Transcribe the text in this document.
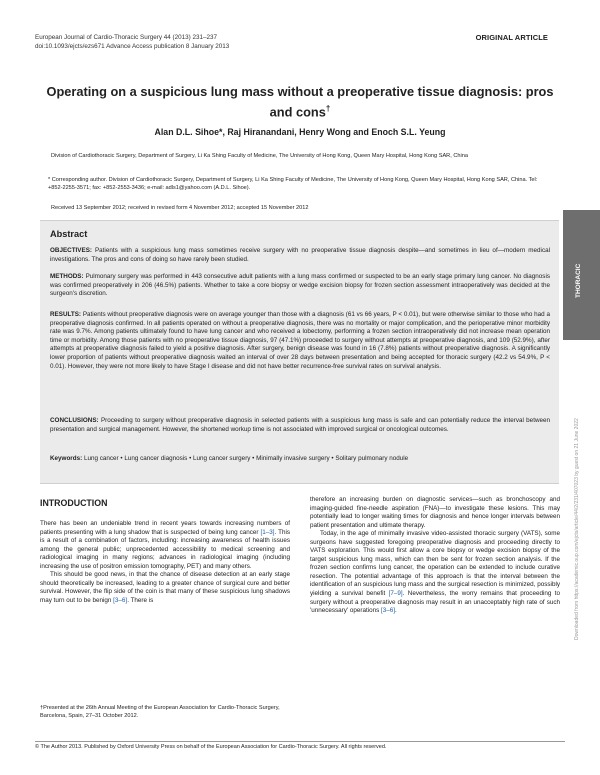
European Journal of Cardio-Thoracic Surgery 44 (2013) 231–237
doi:10.1093/ejcts/ezs671 Advance Access publication 8 January 2013
ORIGINAL ARTICLE
Operating on a suspicious lung mass without a preoperative tissue diagnosis: pros and cons†
Alan D.L. Sihoe*, Raj Hiranandani, Henry Wong and Enoch S.L. Yeung
Division of Cardiothoracic Surgery, Department of Surgery, Li Ka Shing Faculty of Medicine, The University of Hong Kong, Queen Mary Hospital, Hong Kong SAR, China
* Corresponding author. Division of Cardiothoracic Surgery, Department of Surgery, Li Ka Shing Faculty of Medicine, The University of Hong Kong, Queen Mary Hospital, Hong Kong SAR, China. Tel: +852-2255-3571; fax: +852-2553-3436; e-mail: adls1@yahoo.com (A.D.L. Sihoe).
Received 13 September 2012; received in revised form 4 November 2012; accepted 15 November 2012
Abstract
OBJECTIVES: Patients with a suspicious lung mass sometimes receive surgery with no preoperative tissue diagnosis despite—and sometimes in lieu of—modern medical investigations. The pros and cons of doing so have rarely been studied.
METHODS: Pulmonary surgery was performed in 443 consecutive adult patients with a lung mass confirmed or suspected to be an early stage primary lung cancer. No diagnosis was confirmed preoperatively in 206 (46.5%) patients. Whether to take a core biopsy or wedge excision biopsy for frozen section assessment intraoperatively was decided at the surgeon's discretion.
RESULTS: Patients without preoperative diagnosis were on average younger than those with a diagnosis (61 vs 66 years, P < 0.01), but were otherwise similar to those who had a preoperative diagnosis confirmed. In all patients operated on without a preoperative diagnosis, there was no mortality or major complication, and the perioperative minor morbidity rate was 9.7%. Among patients ultimately found to have lung cancer and who received a lobectomy, performing a frozen section intraoperatively did not increase mean operation time or morbidity. Among those patients with no preoperative tissue diagnosis, 97 (47.1%) proceeded to surgery without attempts at preoperative diagnosis, and 109 (52.9%), after attempts at preoperative diagnosis failed to yield a positive diagnosis. After surgery, benign disease was found in 16 (7.8%) patients without preoperative diagnosis. A significantly lower proportion of patients without preoperative diagnosis waited an interval of over 28 days between presentation and being accepted for thoracic surgery (42.2 vs 54.9%, P < 0.01). However, they were not more likely to have Stage I disease and did not have better recurrence-free survival rates on survival analysis.
CONCLUSIONS: Proceeding to surgery without preoperative diagnosis in selected patients with a suspicious lung mass is safe and can potentially reduce the interval between presentation and surgical management. However, the shortened workup time is not associated with improved surgical or oncological outcomes.
Keywords: Lung cancer • Lung cancer diagnosis • Lung cancer surgery • Minimally invasive surgery • Solitary pulmonary nodule
THORACIC
Downloaded from https://academic.oup.com/ejcts/article/44/2/231/407023 by guest on 21 June 2022
INTRODUCTION

There has been an undeniable trend in recent years towards increasing numbers of patients presenting with a lung shadow that is suspected of being lung cancer [1–3]. This is a result of a combination of factors, including: increasing awareness of health issues among the general public; unprecedented accessibility to medical screening and radiological imaging in many regions; advances in radiological imaging (including increasing the use of positron emission tomography, PET) and many others.

This should be good news, in that the chance of disease detection at an early stage should theoretically be increased, leading to a greater chance of surgical cure and better survival. However, the flip side of the coin is that many of these suspicious lung shadows may turn out to be benign [3–6]. There is

†Presented at the 26th Annual Meeting of the European Association for Cardio-Thoracic Surgery, Barcelona, Spain, 27–31 October 2012.

therefore an increasing burden on diagnostic services—such as bronchoscopy and imaging-guided fine-needle aspiration (FNA)—to investigate these lesions. This may potentially lead to longer waiting times for diagnosis and hence longer intervals between patient presentation and ultimate therapy.

Today, in the age of minimally invasive video-assisted thoracic surgery (VATS), some surgeons have suggested foregoing preoperative diagnosis and proceeding directly to VATS exploration. This would first allow a core biopsy or wedge excision biopsy of the target suspicious lung mass, which can then be sent for frozen section analysis. If the frozen section confirms lung cancer, the operation can be extended to include curative resection. The potential advantage of this approach is that the interval between the identification of an suspicious lung mass and the surgical resection is minimized, possibly yielding a survival benefit [7–9]. Nevertheless, the worry remains that proceeding to surgery without a preoperative diagnosis may result in an unacceptably high rate of such 'unnecessary' operations [3–6].

© The Author 2013. Published by Oxford University Press on behalf of the European Association for Cardio-Thoracic Surgery. All rights reserved.
